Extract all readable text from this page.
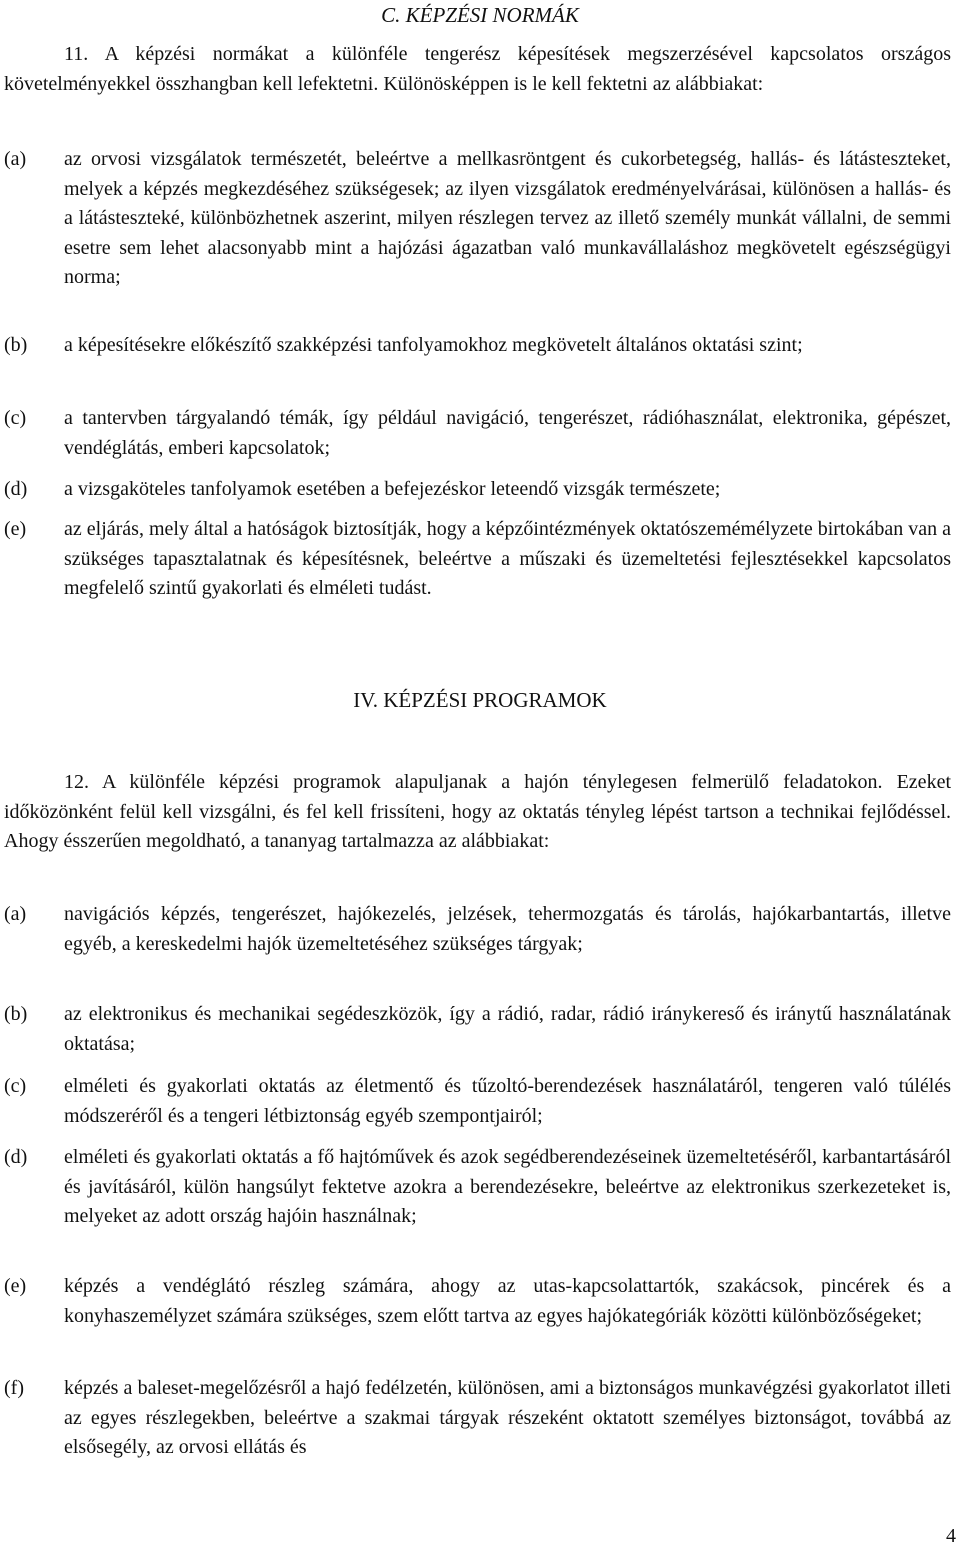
C. KÉPZÉSI NORMÁK
11. A képzési normákat a különféle tengerész képesítések megszerzésével kapcsolatos országos követelményekkel összhangban kell lefektetni. Különösképpen is le kell fektetni az alábbiakat:
(a)	az orvosi vizsgálatok természetét, beleértve a mellkasröntgent és cukorbetegség, hallás- és látásteszteket, melyek a képzés megkezdéséhez szükségesek; az ilyen vizsgálatok eredményelvárásai, különösen a hallás- és a látásteszteké, különbözhetnek aszerint, milyen részlegen tervez az illető személy munkát vállalni, de semmi esetre sem lehet alacsonyabb mint a hajózási ágazatban való munkavállaláshoz megkövetelt egészségügyi norma;
(b)	a képesítésekre előkészítő szakképzési tanfolyamokhoz megkövetelt általános oktatási szint;
(c)	a tantervben tárgyalandó témák, így például navigáció, tengerészet, rádióhasználat, elektronika, gépészet, vendéglátás, emberi kapcsolatok;
(d)	a vizsgaköteles tanfolyamok esetében a befejezéskor leteendő vizsgák természete;
(e)	az eljárás, mely által a hatóságok biztosítják, hogy a képzőintézmények oktatószemémélyzete birtokában van a szükséges tapasztalatnak és képesítésnek, beleértve a műszaki és üzemeltetési fejlesztésekkel kapcsolatos megfelelő szintű gyakorlati és elméleti tudást.
IV. KÉPZÉSI PROGRAMOK
12. A különféle képzési programok alapuljanak a hajón ténylegesen felmerülő feladatokon. Ezeket időközönként felül kell vizsgálni, és fel kell frissíteni, hogy az oktatás tényleg lépést tartson a technikai fejlődéssel. Ahogy ésszerűen megoldható, a tananyag tartalmazza az alábbiakat:
(a)	navigációs képzés, tengerészet, hajókezelés, jelzések, tehermozgatás és tárolás, hajókarbantartás, illetve egyéb, a kereskedelmi hajók üzemeltetéséhez szükséges tárgyak;
(b)	az elektronikus és mechanikai segédeszközök, így a rádió, radar, rádió iránykereső és iránytű használatának oktatása;
(c)	elméleti és gyakorlati oktatás az életmentő és tűzoltó-berendezések használatáról, tengeren való túlélés módszeréről és a tengeri létbiztonság egyéb szempontjairól;
(d)	elméleti és gyakorlati oktatás a fő hajtóművek és azok segédberendezéseinek üzemeltetéséről, karbantartásáról és javításáról, külön hangsúlyt fektetve azokra a berendezésekre, beleértve az elektronikus szerkezeteket is, melyeket az adott ország hajóin használnak;
(e)	képzés a vendéglátó részleg számára, ahogy az utas-kapcsolattartók, szakácsok, pincérek és a konyhaszemélyzet számára szükséges, szem előtt tartva az egyes hajókategóriák közötti különbözőségeket;
(f)	képzés a baleset-megelőzésről a hajó fedélzetén, különösen, ami a biztonságos munkavégzési gyakorlatot illeti az egyes részlegekben, beleértve a szakmai tárgyak részeként oktatott személyes biztonságot, továbbá az elsősegély, az orvosi ellátás és
4
